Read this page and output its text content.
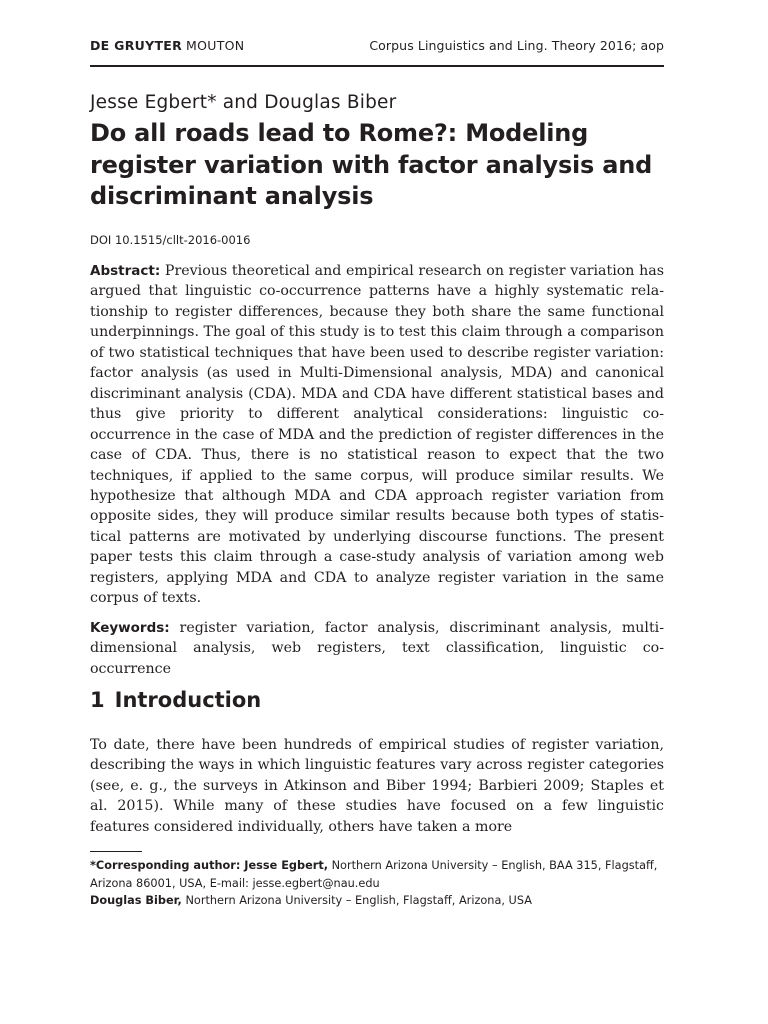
DE GRUYTER MOUTON	Corpus Linguistics and Ling. Theory 2016; aop
Jesse Egbert* and Douglas Biber
Do all roads lead to Rome?: Modeling register variation with factor analysis and discriminant analysis
DOI 10.1515/cllt-2016-0016

Abstract: Previous theoretical and empirical research on register variation has argued that linguistic co-occurrence patterns have a highly systematic relationship to register differences, because they both share the same functional underpinnings. The goal of this study is to test this claim through a comparison of two statistical techniques that have been used to describe register variation: factor analysis (as used in Multi-Dimensional analysis, MDA) and canonical discriminant analysis (CDA). MDA and CDA have different statistical bases and thus give priority to different analytical considerations: linguistic co-occurrence in the case of MDA and the prediction of register differences in the case of CDA. Thus, there is no statistical reason to expect that the two techniques, if applied to the same corpus, will produce similar results. We hypothesize that although MDA and CDA approach register variation from opposite sides, they will produce similar results because both types of statistical patterns are motivated by underlying discourse functions. The present paper tests this claim through a case-study analysis of variation among web registers, applying MDA and CDA to analyze register variation in the same corpus of texts.

Keywords: register variation, factor analysis, discriminant analysis, multi-dimensional analysis, web registers, text classification, linguistic co-occurrence

1 Introduction

To date, there have been hundreds of empirical studies of register variation, describing the ways in which linguistic features vary across register categories (see, e. g., the surveys in Atkinson and Biber 1994; Barbieri 2009; Staples et al. 2015). While many of these studies have focused on a few linguistic features considered individually, others have taken a more

*Corresponding author: Jesse Egbert, Northern Arizona University – English, BAA 315, Flagstaff, Arizona 86001, USA, E-mail: jesse.egbert@nau.edu

Douglas Biber, Northern Arizona University – English, Flagstaff, Arizona, USA
